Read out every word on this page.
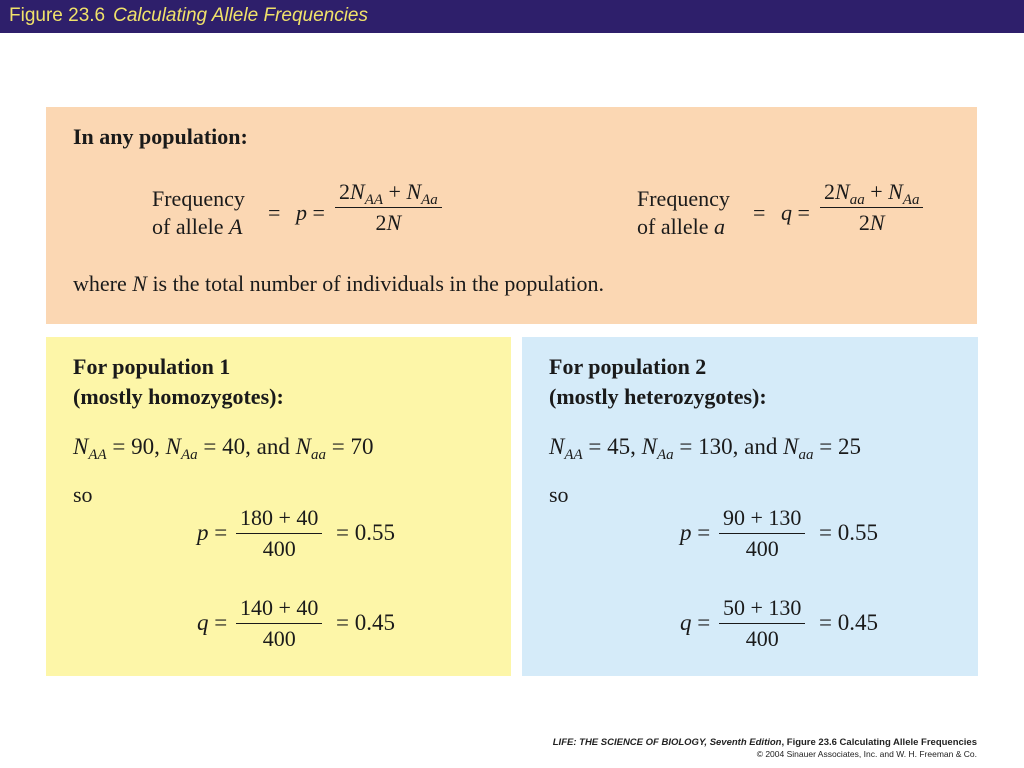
Figure 23.6 Calculating Allele Frequencies
In any population:
Frequency
of allele A
= p =
$2N_{AA} + N_{Aa}$
2N
Frequency
of allele a
= q =
$2N_{aa} + N_{Aa}$
2N
where N is the total number of individuals in the population.
For population 1
(mostly homozygotes):
$N_{AA} = 90$, $N_{Aa} = 40$, and $N_{aa} = 70$
so
$p = \frac{180 + 40}{400} = 0.55$
$q = \frac{140 + 40}{400} = 0.45$
For population 2
(mostly heterozygotes):
$N_{AA} = 45$, $N_{Aa} = 130$, and $N_{aa} = 25$
so
$p = \frac{90 + 130}{400} = 0.55$
$q = \frac{50 + 130}{400} = 0.45$
LIFE: THE SCIENCE OF BIOLOGY, Seventh Edition, Figure 23.6 Calculating Allele Frequencies
© 2004 Sinauer Associates, Inc. and W. H. Freeman & Co.
